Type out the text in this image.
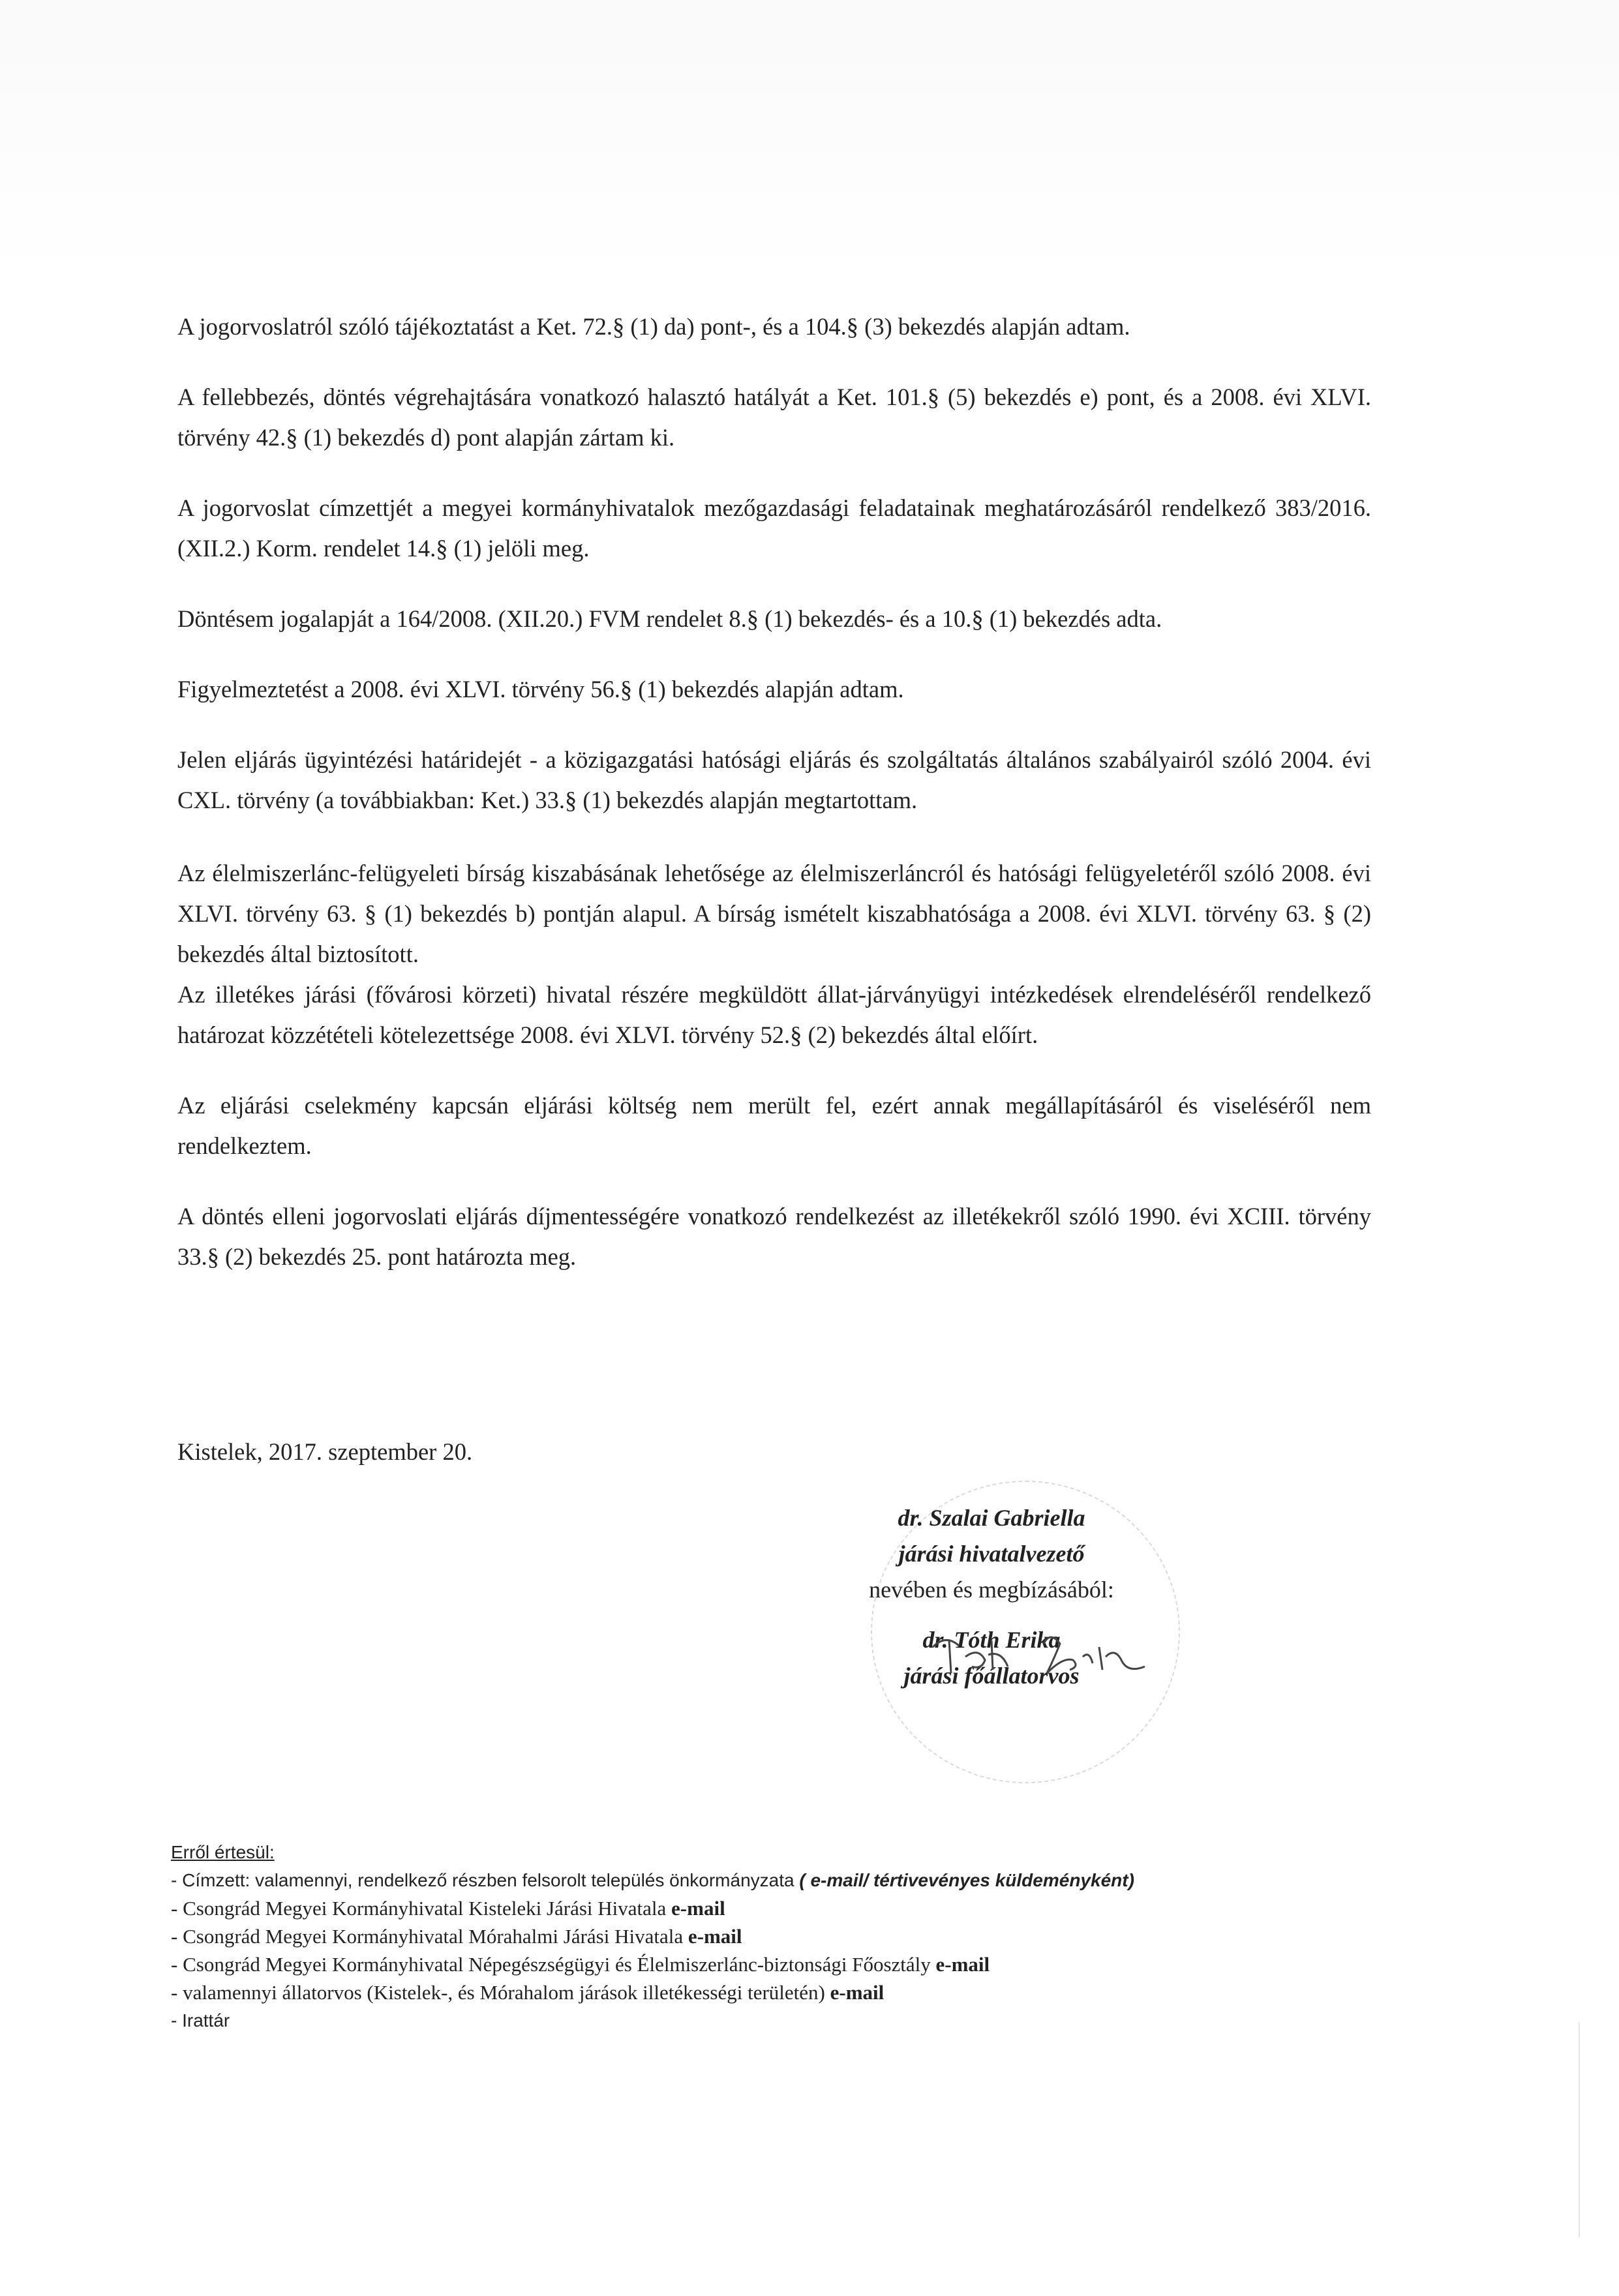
A jogorvoslatról szóló tájékoztatást a Ket. 72.§ (1) da) pont-, és a 104.§ (3) bekezdés alapján adtam.

A fellebbezés, döntés végrehajtására vonatkozó halasztó hatályát a Ket. 101.§ (5) bekezdés e) pont, és a 2008. évi XLVI. törvény 42.§ (1) bekezdés d) pont alapján zártam ki.

A jogorvoslat címzettjét a megyei kormányhivatalok mezőgazdasági feladatainak meghatározásáról rendelkező 383/2016. (XII.2.) Korm. rendelet 14.§ (1) jelöli meg.

Döntésem jogalapját a 164/2008. (XII.20.) FVM rendelet 8.§ (1) bekezdés- és a 10.§ (1) bekezdés adta.

Figyelmeztetést a 2008. évi XLVI. törvény 56.§ (1) bekezdés alapján adtam.

Jelen eljárás ügyintézési határidejét - a közigazgatási hatósági eljárás és szolgáltatás általános szabályairól szóló 2004. évi CXL. törvény (a továbbiakban: Ket.) 33.§ (1) bekezdés alapján megtartottam.

Az élelmiszerlánc-felügyeleti bírság kiszabásának lehetősége az élelmiszerláncról és hatósági felügyeletéről szóló 2008. évi XLVI. törvény 63. § (1) bekezdés b) pontján alapul. A bírság ismételt kiszabhatósága a 2008. évi XLVI. törvény 63. § (2) bekezdés által biztosított.

Az illetékes járási (fővárosi körzeti) hivatal részére megküldött állat-járványügyi intézkedések elrendeléséről rendelkező határozat közzétételi kötelezettsége 2008. évi XLVI. törvény 52.§ (2) bekezdés által előírt.

Az eljárási cselekmény kapcsán eljárási költség nem merült fel, ezért annak megállapításáról és viseléséről nem rendelkeztem.

A döntés elleni jogorvoslati eljárás díjmentességére vonatkozó rendelkezést az illetékekről szóló 1990. évi XCIII. törvény 33.§ (2) bekezdés 25. pont határozta meg.

Kistelek, 2017. szeptember 20.
dr. Szalai Gabriella
járási hivatalvezető
nevében és megbízásából:
dr. Tóth Erika
járási főállatorvos
Erről értesül:
- Címzett: valamennyi, rendelkező részben felsorolt település önkormányzata ( e-mail/ tértivevényes küldeményként)
- Csongrád Megyei Kormányhivatal Kisteleki Járási Hivatala e-mail
- Csongrád Megyei Kormányhivatal Mórahalmi Járási Hivatala e-mail
- Csongrád Megyei Kormányhivatal Népegészségügyi és Élelmiszerlánc-biztonsági Főosztály e-mail
- valamennyi állatorvos (Kistelek-, és Mórahalom járások illetékességi területén) e-mail
- Irattár
